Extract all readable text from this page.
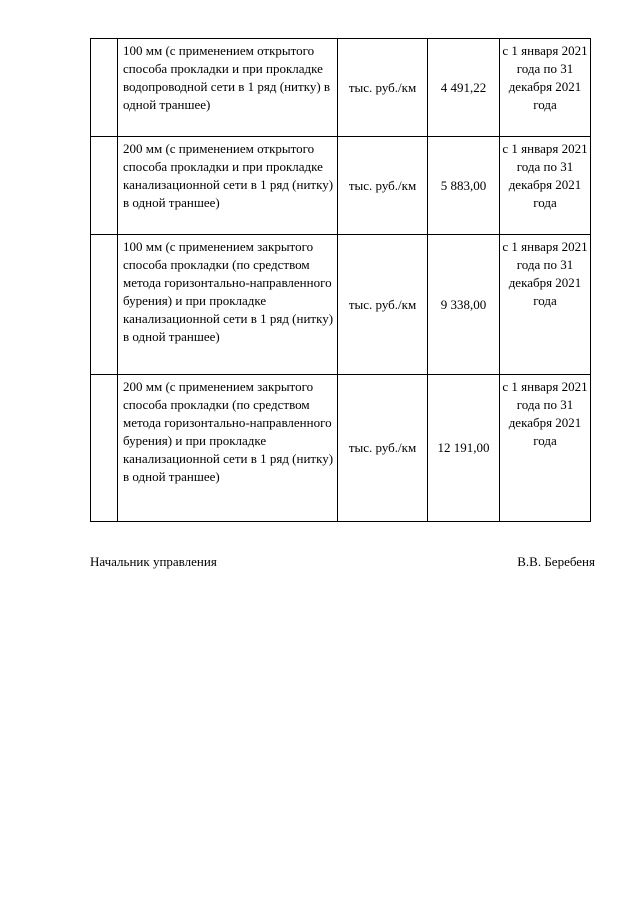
	100 мм (с применением открытого способа прокладки и при прокладке водопроводной сети в 1 ряд (нитку) в одной траншее)	тыс. руб./км	4 491,22	с 1 января 2021 года по 31 декабря 2021 года
	200 мм (с применением открытого способа прокладки и при прокладке канализационной сети в 1 ряд (нитку) в одной траншее)	тыс. руб./км	5 883,00	с 1 января 2021 года по 31 декабря 2021 года
	100 мм (с применением закрытого способа прокладки (по средством метода горизонтально-направленного бурения) и при прокладке канализационной сети в 1 ряд (нитку) в одной траншее)	тыс. руб./км	9 338,00	с 1 января 2021 года по 31 декабря 2021 года
	200 мм (с применением закрытого способа прокладки (по средством метода горизонтально-направленного бурения) и при прокладке канализационной сети в 1 ряд (нитку) в одной траншее)	тыс. руб./км	12 191,00	с 1 января 2021 года по 31 декабря 2021 года
Начальник управления	В.В. Беребеня
